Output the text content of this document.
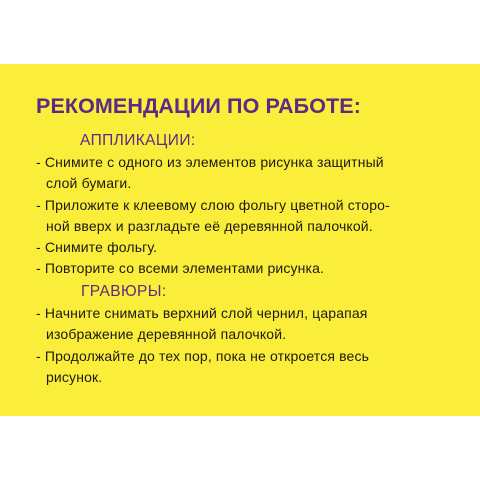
РЕКОМЕНДАЦИИ ПО РАБОТЕ:
АППЛИКАЦИИ:
- Снимите с одного из элементов рисунка защитный
слой бумаги.
- Приложите к клеевому слою фольгу цветной сторо-
ной вверх и разгладьте её деревянной палочкой.
- Снимите фольгу.
- Повторите со всеми элементами рисунка.
ГРАВЮРЫ:
- Начните снимать верхний слой чернил, царапая
изображение деревянной палочкой.
- Продолжайте до тех пор, пока не откроется весь
рисунок.
